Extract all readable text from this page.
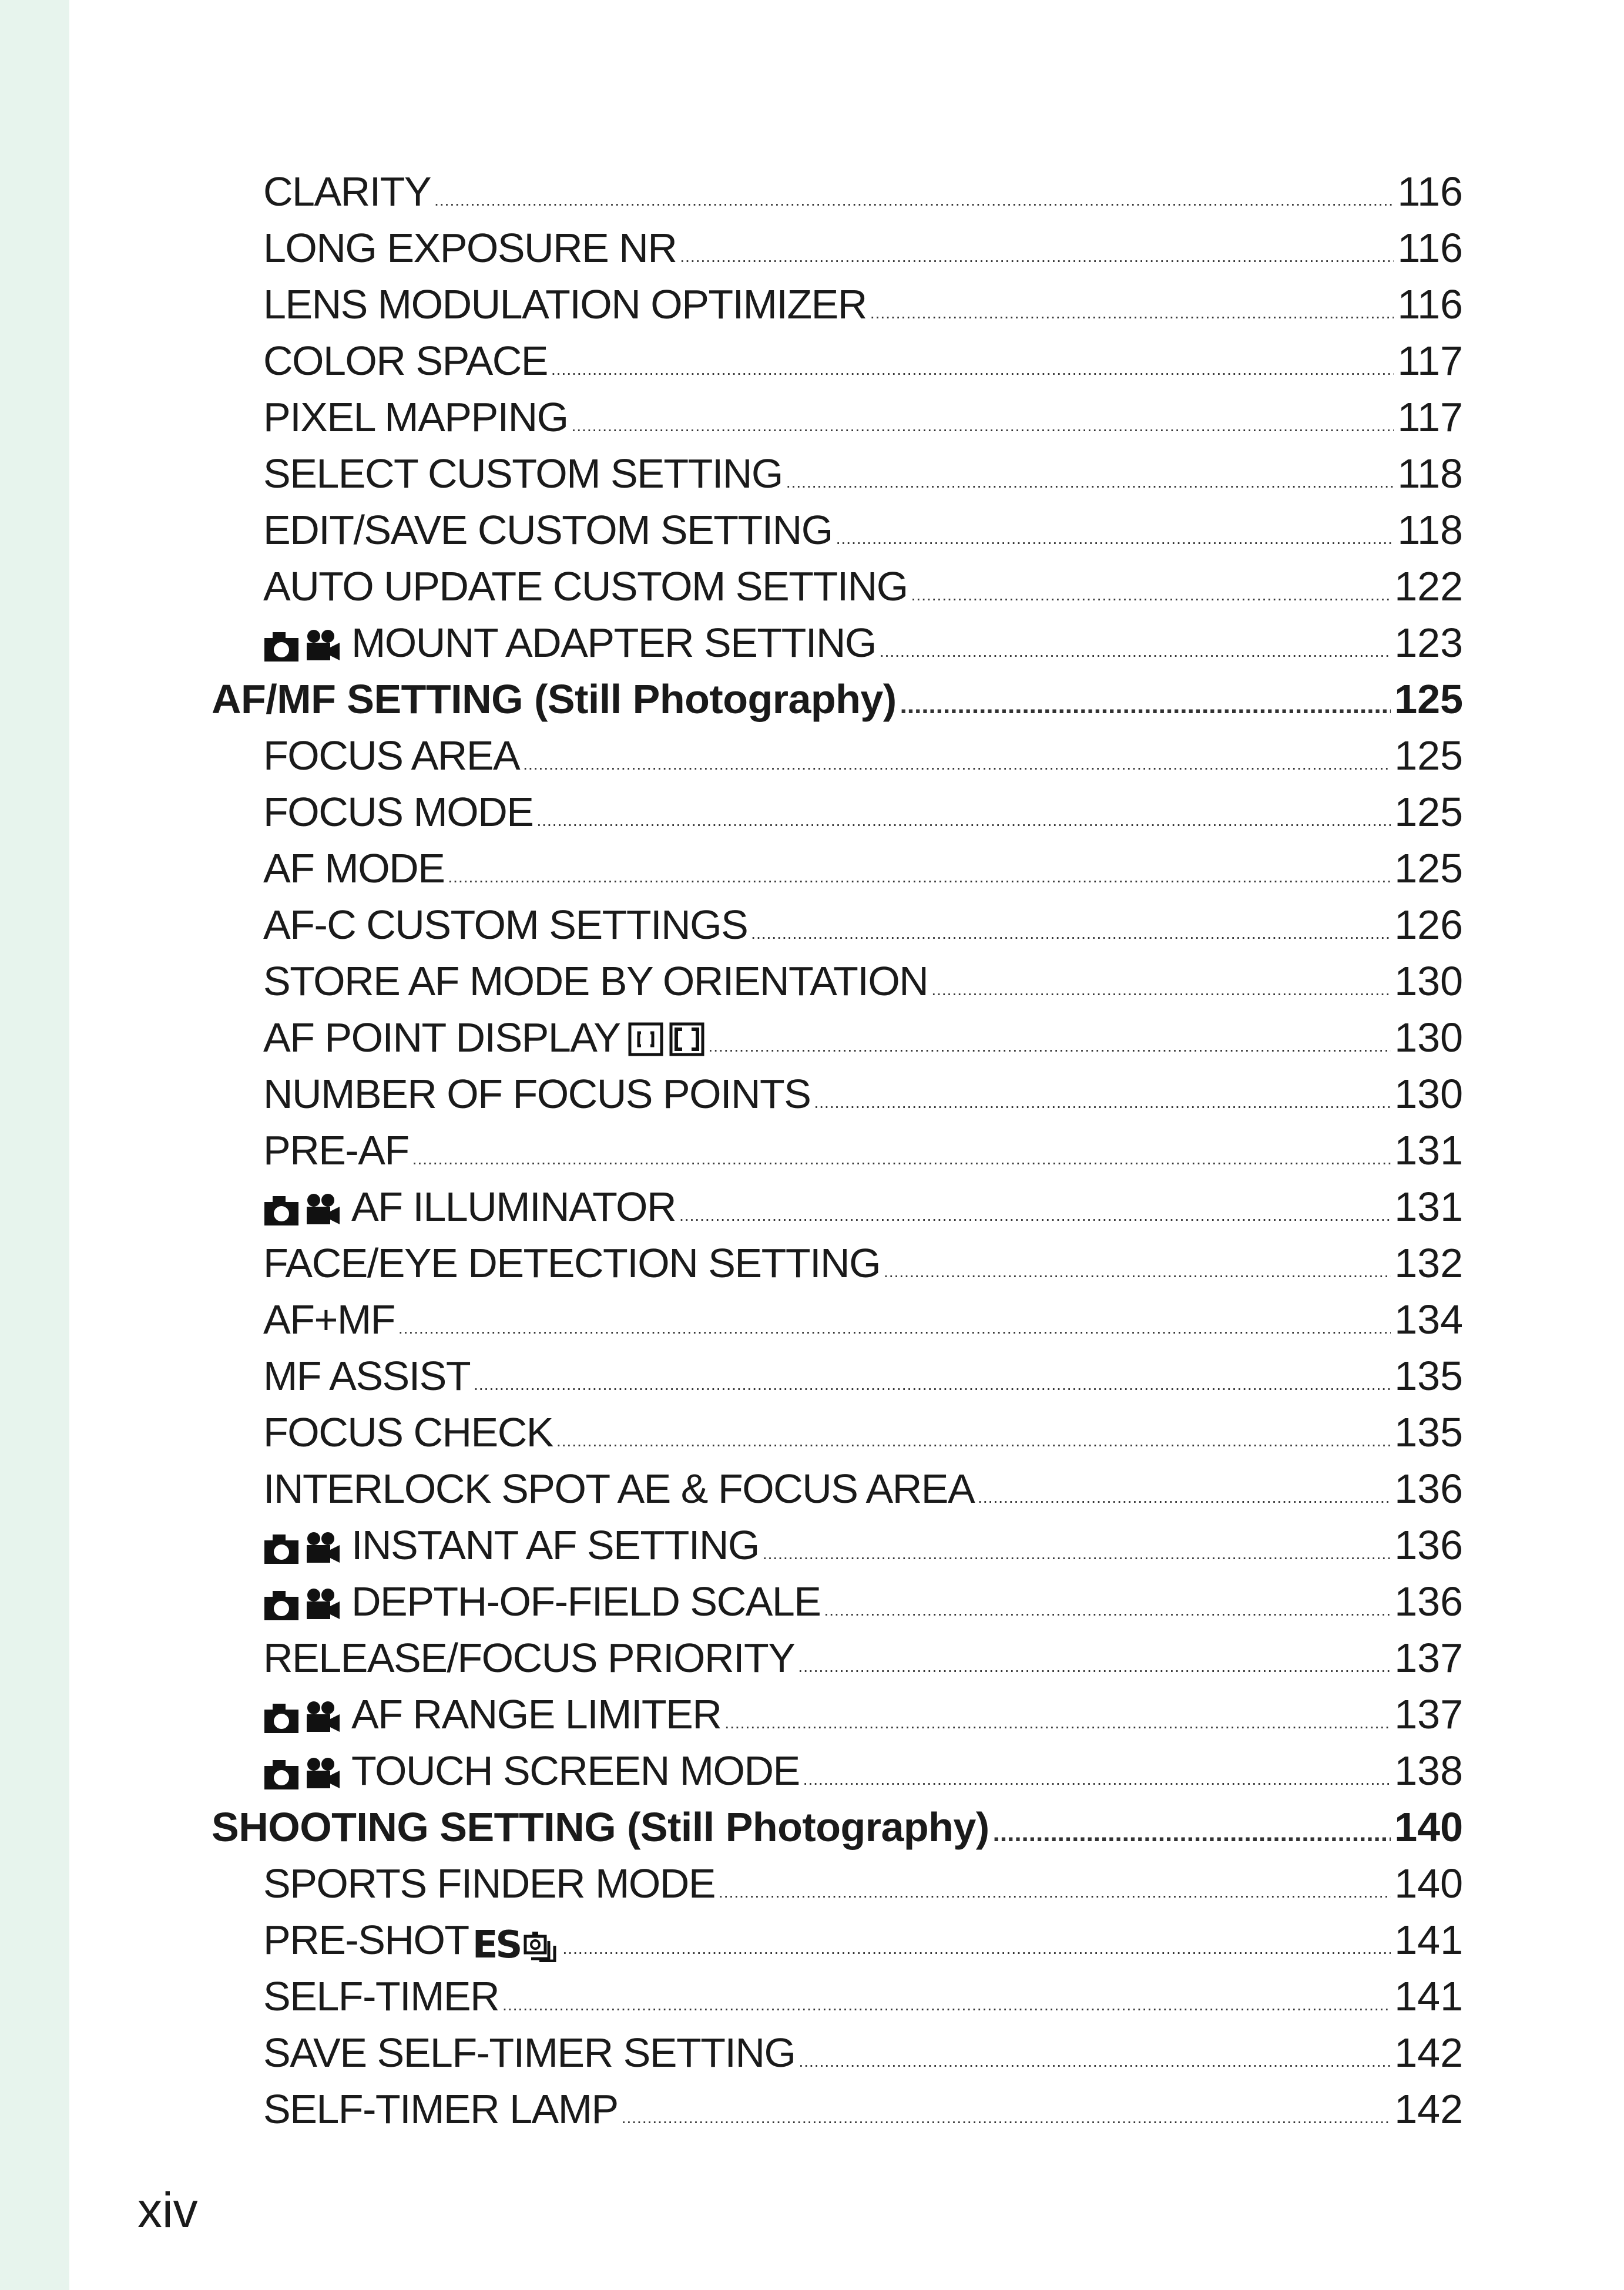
CLARITY .....	116
LONG EXPOSURE NR .....	116
LENS MODULATION OPTIMIZER .....	116
COLOR SPACE .....	117
PIXEL MAPPING .....	117
SELECT CUSTOM SETTING .....	118
EDIT/SAVE CUSTOM SETTING .....	118
AUTO UPDATE CUSTOM SETTING .....	122
MOUNT ADAPTER SETTING .....	123
AF/MF SETTING (Still Photography) .....	125
FOCUS AREA .....	125
FOCUS MODE .....	125
AF MODE .....	125
AF-C CUSTOM SETTINGS .....	126
STORE AF MODE BY ORIENTATION .....	130
AF POINT DISPLAY .....	130
NUMBER OF FOCUS POINTS .....	130
PRE-AF .....	131
AF ILLUMINATOR .....	131
FACE/EYE DETECTION SETTING .....	132
AF+MF .....	134
MF ASSIST .....	135
FOCUS CHECK .....	135
INTERLOCK SPOT AE & FOCUS AREA .....	136
INSTANT AF SETTING .....	136
DEPTH-OF-FIELD SCALE .....	136
RELEASE/FOCUS PRIORITY .....	137
AF RANGE LIMITER .....	137
TOUCH SCREEN MODE .....	138
SHOOTING SETTING (Still Photography) .....	140
SPORTS FINDER MODE .....	140
PRE-SHOT ES .....	141
SELF-TIMER .....	141
SAVE SELF-TIMER SETTING .....	142
SELF-TIMER LAMP .....	142
xiv
